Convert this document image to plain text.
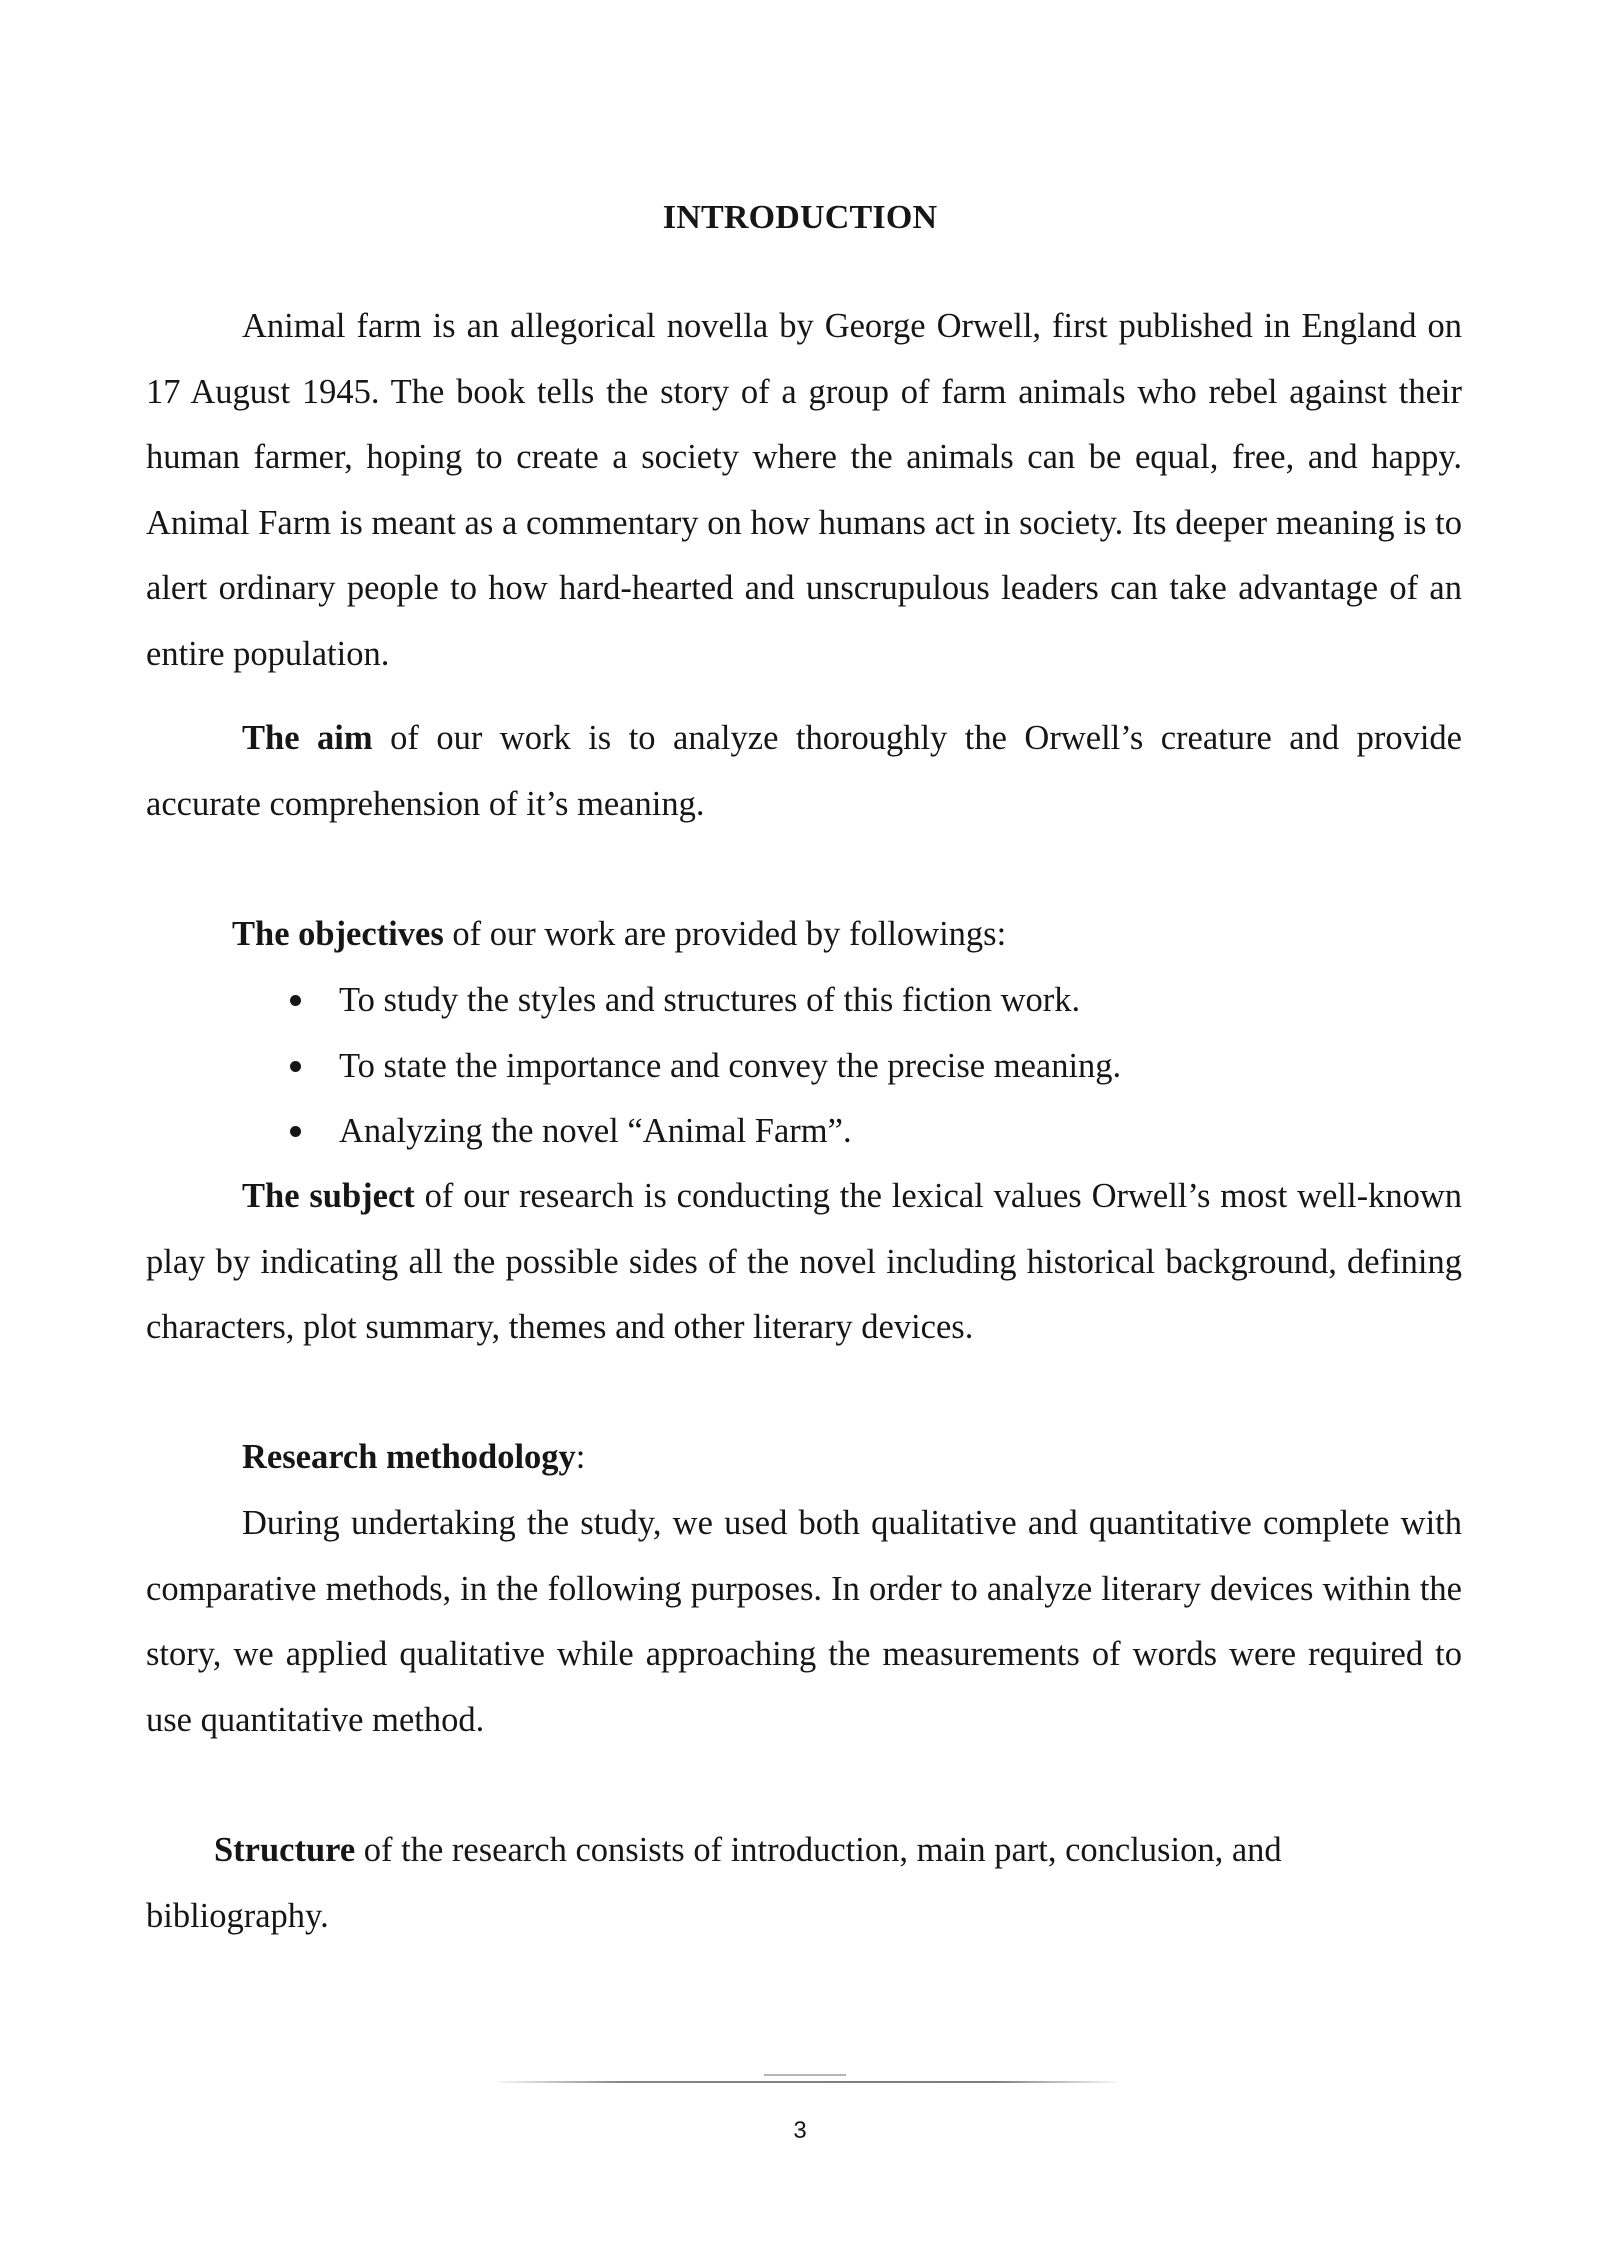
INTRODUCTION

Animal farm is an allegorical novella by George Orwell, first published in England on 17 August 1945. The book tells the story of a group of farm animals who rebel against their human farmer, hoping to create a society where the animals can be equal, free, and happy. Animal Farm is meant as a commentary on how humans act in society. Its deeper meaning is to alert ordinary people to how hard-hearted and unscrupulous leaders can take advantage of an entire population.

The aim of our work is to analyze thoroughly the Orwell’s creature and provide accurate comprehension of it’s meaning.

The objectives of our work are provided by followings:

To study the styles and structures of this fiction work.
To state the importance and convey the precise meaning.
Analyzing the novel “Animal Farm”.

The subject of our research is conducting the lexical values Orwell’s most well-known play by indicating all the possible sides of the novel including historical background, defining characters, plot summary, themes and other literary devices.

Research methodology:

During undertaking the study, we used both qualitative and quantitative complete with comparative methods, in the following purposes. In order to analyze literary devices within the story, we applied qualitative while approaching the measurements of words were required to use quantitative method.

Structure of the research consists of introduction, main part, conclusion, and
bibliography.

3
